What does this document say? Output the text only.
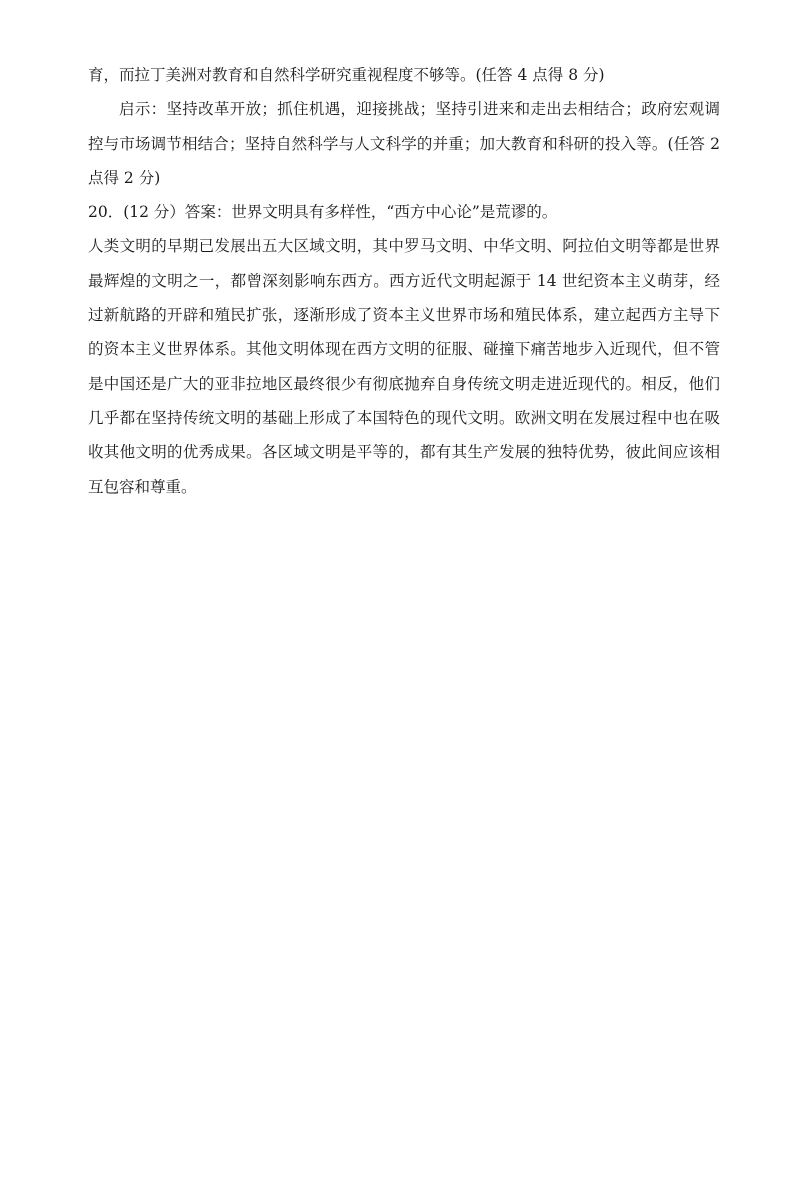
育，而拉丁美洲对教育和自然科学研究重视程度不够等。(任答 4 点得 8 分)
启示：坚持改革开放；抓住机遇，迎接挑战；坚持引进来和走出去相结合；政府宏观调
控与市场调节相结合；坚持自然科学与人文科学的并重；加大教育和科研的投入等。(任答 2
点得 2 分)
20．(12 分）答案：世界文明具有多样性，“西方中心论”是荒谬的。
人类文明的早期已发展出五大区域文明，其中罗马文明、中华文明、阿拉伯文明等都是世界
最辉煌的文明之一，都曾深刻影响东西方。西方近代文明起源于 14 世纪资本主义萌芽，经
过新航路的开辟和殖民扩张，逐渐形成了资本主义世界市场和殖民体系，建立起西方主导下
的资本主义世界体系。其他文明体现在西方文明的征服、碰撞下痛苦地步入近现代，但不管
是中国还是广大的亚非拉地区最终很少有彻底抛弃自身传统文明走进近现代的。相反，他们
几乎都在坚持传统文明的基础上形成了本国特色的现代文明。欧洲文明在发展过程中也在吸
收其他文明的优秀成果。各区域文明是平等的，都有其生产发展的独特优势，彼此间应该相
互包容和尊重。
